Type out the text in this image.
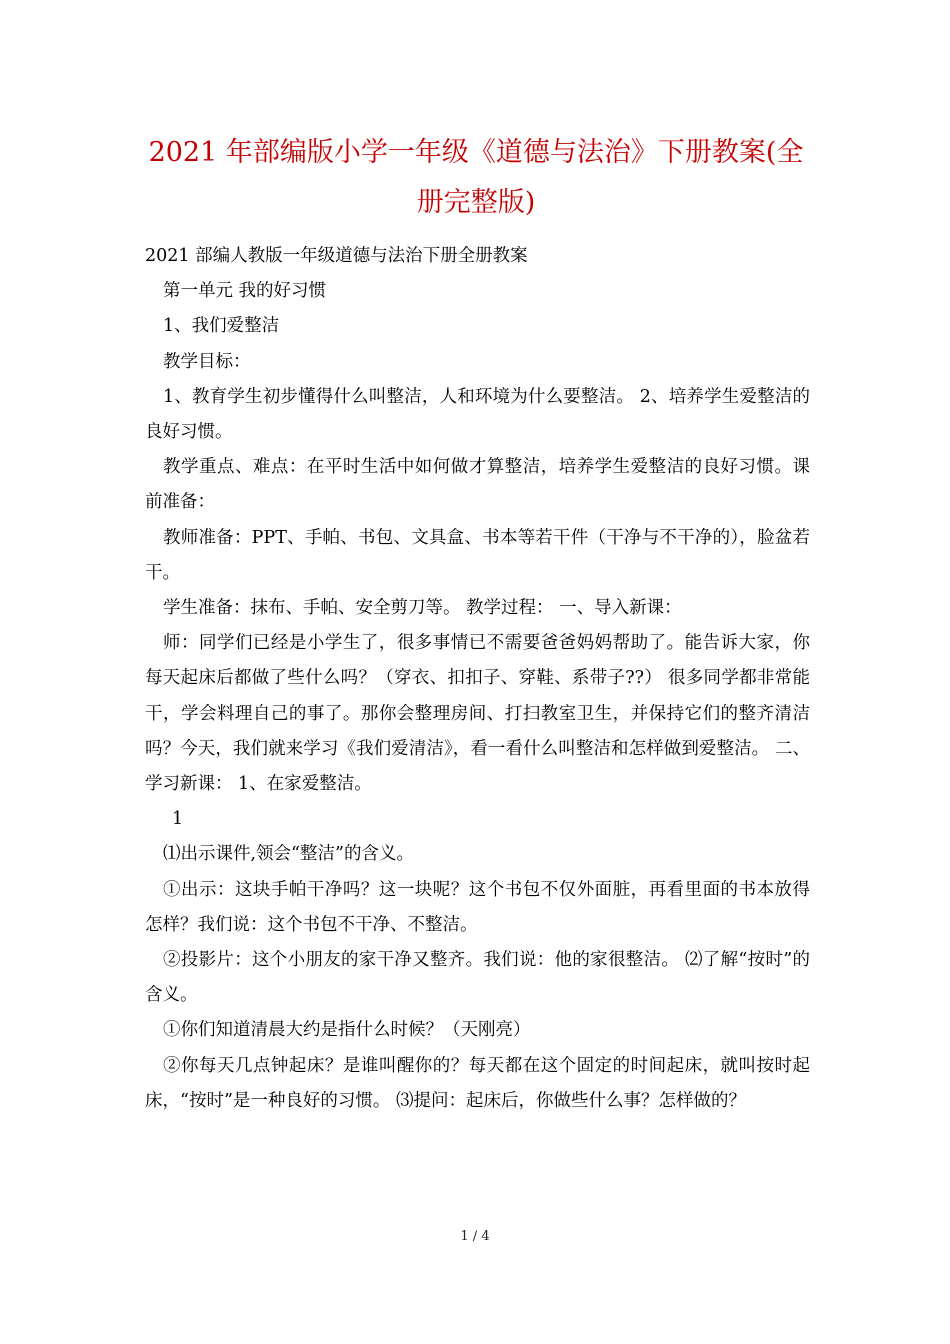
2021 年部编版小学一年级《道德与法治》下册教案(全册完整版)

2021 部编人教版一年级道德与法治下册全册教案

第一单元 我的好习惯

1、我们爱整洁

教学目标：

1、教育学生初步懂得什么叫整洁，人和环境为什么要整洁。 2、培养学生爱整洁的良好习惯。

教学重点、难点：在平时生活中如何做才算整洁，培养学生爱整洁的良好习惯。课前准备：

教师准备：PPT、手帕、书包、文具盒、书本等若干件（干净与不干净的），脸盆若干。

学生准备：抹布、手帕、安全剪刀等。 教学过程： 一、导入新课：

师：同学们已经是小学生了，很多事情已不需要爸爸妈妈帮助了。能告诉大家，你每天起床后都做了些什么吗？（穿衣、扣扣子、穿鞋、系带子??） 很多同学都非常能干，学会料理自己的事了。那你会整理房间、打扫教室卫生，并保持它们的整齐清洁吗？今天，我们就来学习《我们爱清洁》，看一看什么叫整洁和怎样做到爱整洁。 二、学习新课： 1、在家爱整洁。

1

⑴出示课件,领会“整洁”的含义。

①出示：这块手帕干净吗？这一块呢？这个书包不仅外面脏，再看里面的书本放得怎样？我们说：这个书包不干净、不整洁。

②投影片：这个小朋友的家干净又整齐。我们说：他的家很整洁。 ⑵了解“按时”的含义。

①你们知道清晨大约是指什么时候？（天刚亮）

②你每天几点钟起床？是谁叫醒你的？每天都在这个固定的时间起床，就叫按时起床，“按时”是一种良好的习惯。 ⑶提问：起床后，你做些什么事？怎样做的？

1 / 4
